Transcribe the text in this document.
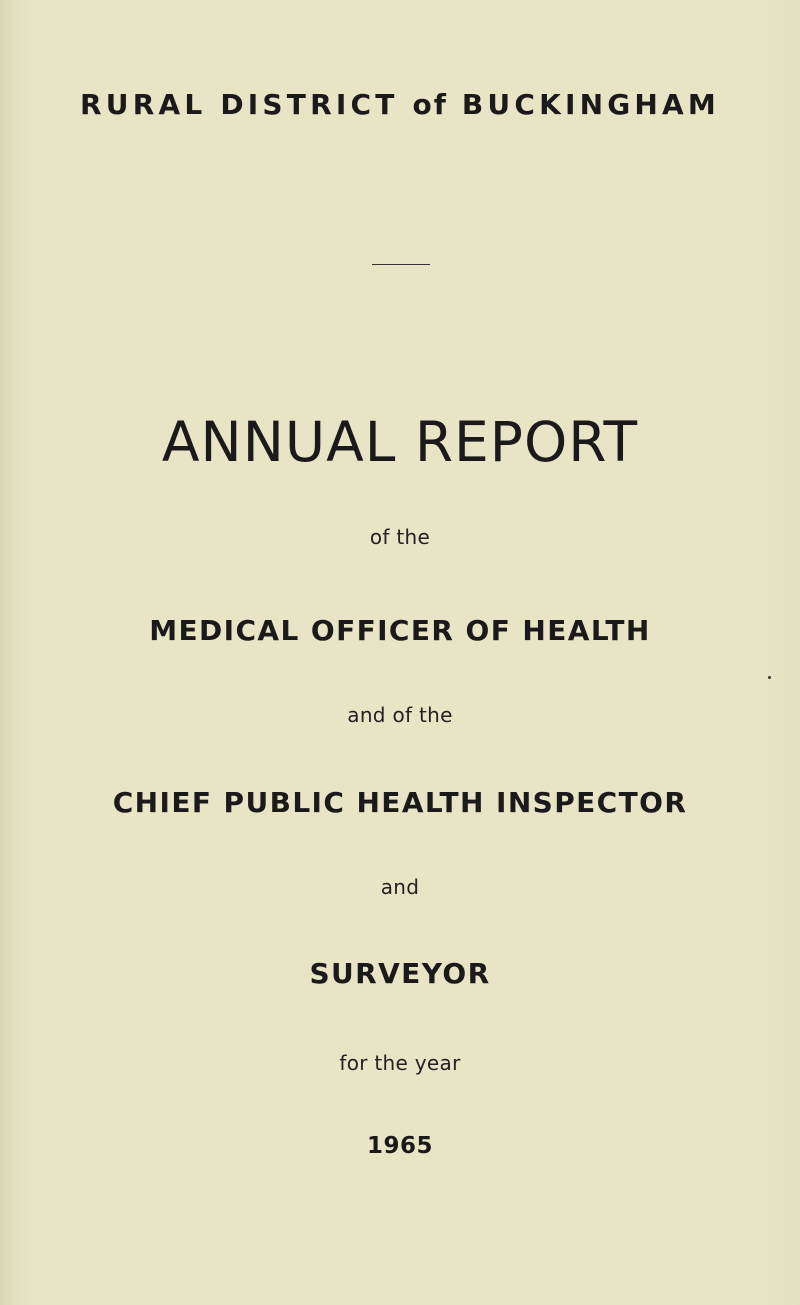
RURAL DISTRICT of BUCKINGHAM
ANNUAL REPORT
of the
MEDICAL OFFICER OF HEALTH
and of the
CHIEF PUBLIC HEALTH INSPECTOR
and
SURVEYOR
for the year
1965
